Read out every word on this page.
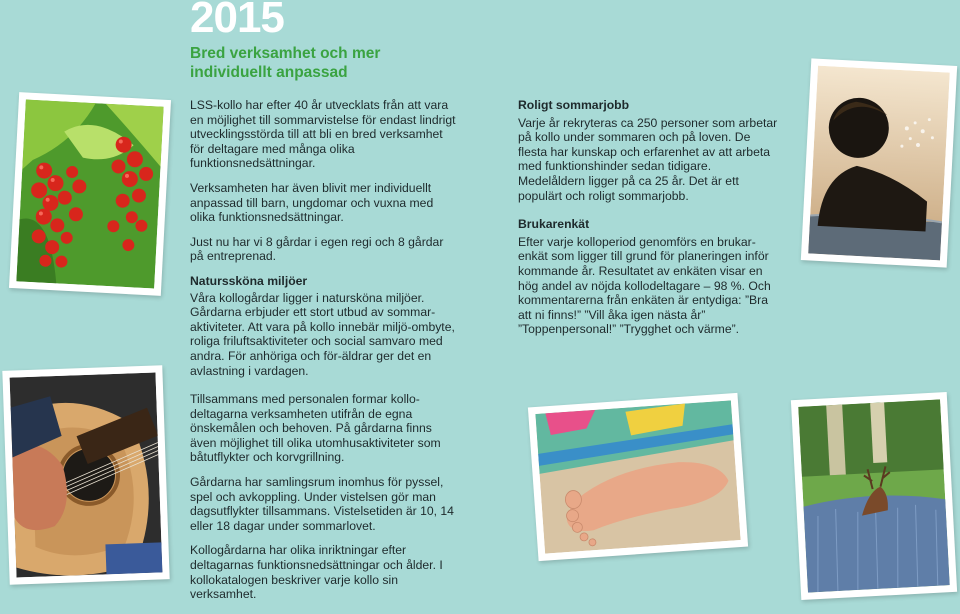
2015
Bred verksamhet och mer individuellt anpassad

LSS-kollo har efter 40 år utvecklats från att vara en möjlighet till sommarvistelse för endast lindrigt utvecklingsstörda till att bli en bred verksamhet för deltagare med många olika funktionsnedsättningar.

Verksamheten har även blivit mer individuellt anpassad till barn, ungdomar och vuxna med olika funktionsnedsättningar.

Just nu har vi 8 gårdar i egen regi och 8 gårdar på entreprenad.

Naturssköna miljöer

Våra kollogårdar ligger i natursköna miljöer. Gårdarna erbjuder ett stort utbud av sommar-aktiviteter. Att vara på kollo innebär miljö-ombyte, roliga friluftsaktiviteter och social samvaro med andra. För anhöriga och för-äldrar ger det en avlastning i vardagen.

Tillsammans med personalen formar kollo-deltagarna verksamheten utifrån de egna önskemålen och behoven. På gårdarna finns även möjlighet till olika utomhusaktiviteter som båtutflykter och korvgrillning.

Gårdarna har samlingsrum inomhus för pyssel, spel och avkoppling. Under vistelsen gör man dagsutflykter tillsammans. Vistelsetiden är 10, 14 eller 18 dagar under sommarlovet.

Kollogårdarna har olika inriktningar efter deltagarnas funktionsnedsättningar och ålder. I kollokatalogen beskriver varje kollo sin verksamhet.

Roligt sommarjobb

Varje år rekryteras ca 250 personer som arbetar på kollo under sommaren och på loven. De flesta har kunskap och erfarenhet av att arbeta med funktionshinder sedan tidigare. Medelåldern ligger på ca 25 år. Det är ett populärt och roligt sommarjobb.

Brukarenkät

Efter varje kolloperiod genomförs en brukar-enkät som ligger till grund för planeringen inför kommande år. Resultatet av enkäten visar en hög andel av nöjda kollodeltagare – 98 %. Och kommentarerna från enkäten är entydiga: ”Bra att ni finns!” ”Vill åka igen nästa år” ”Toppenpersonal!” ”Trygghet och värme”.
